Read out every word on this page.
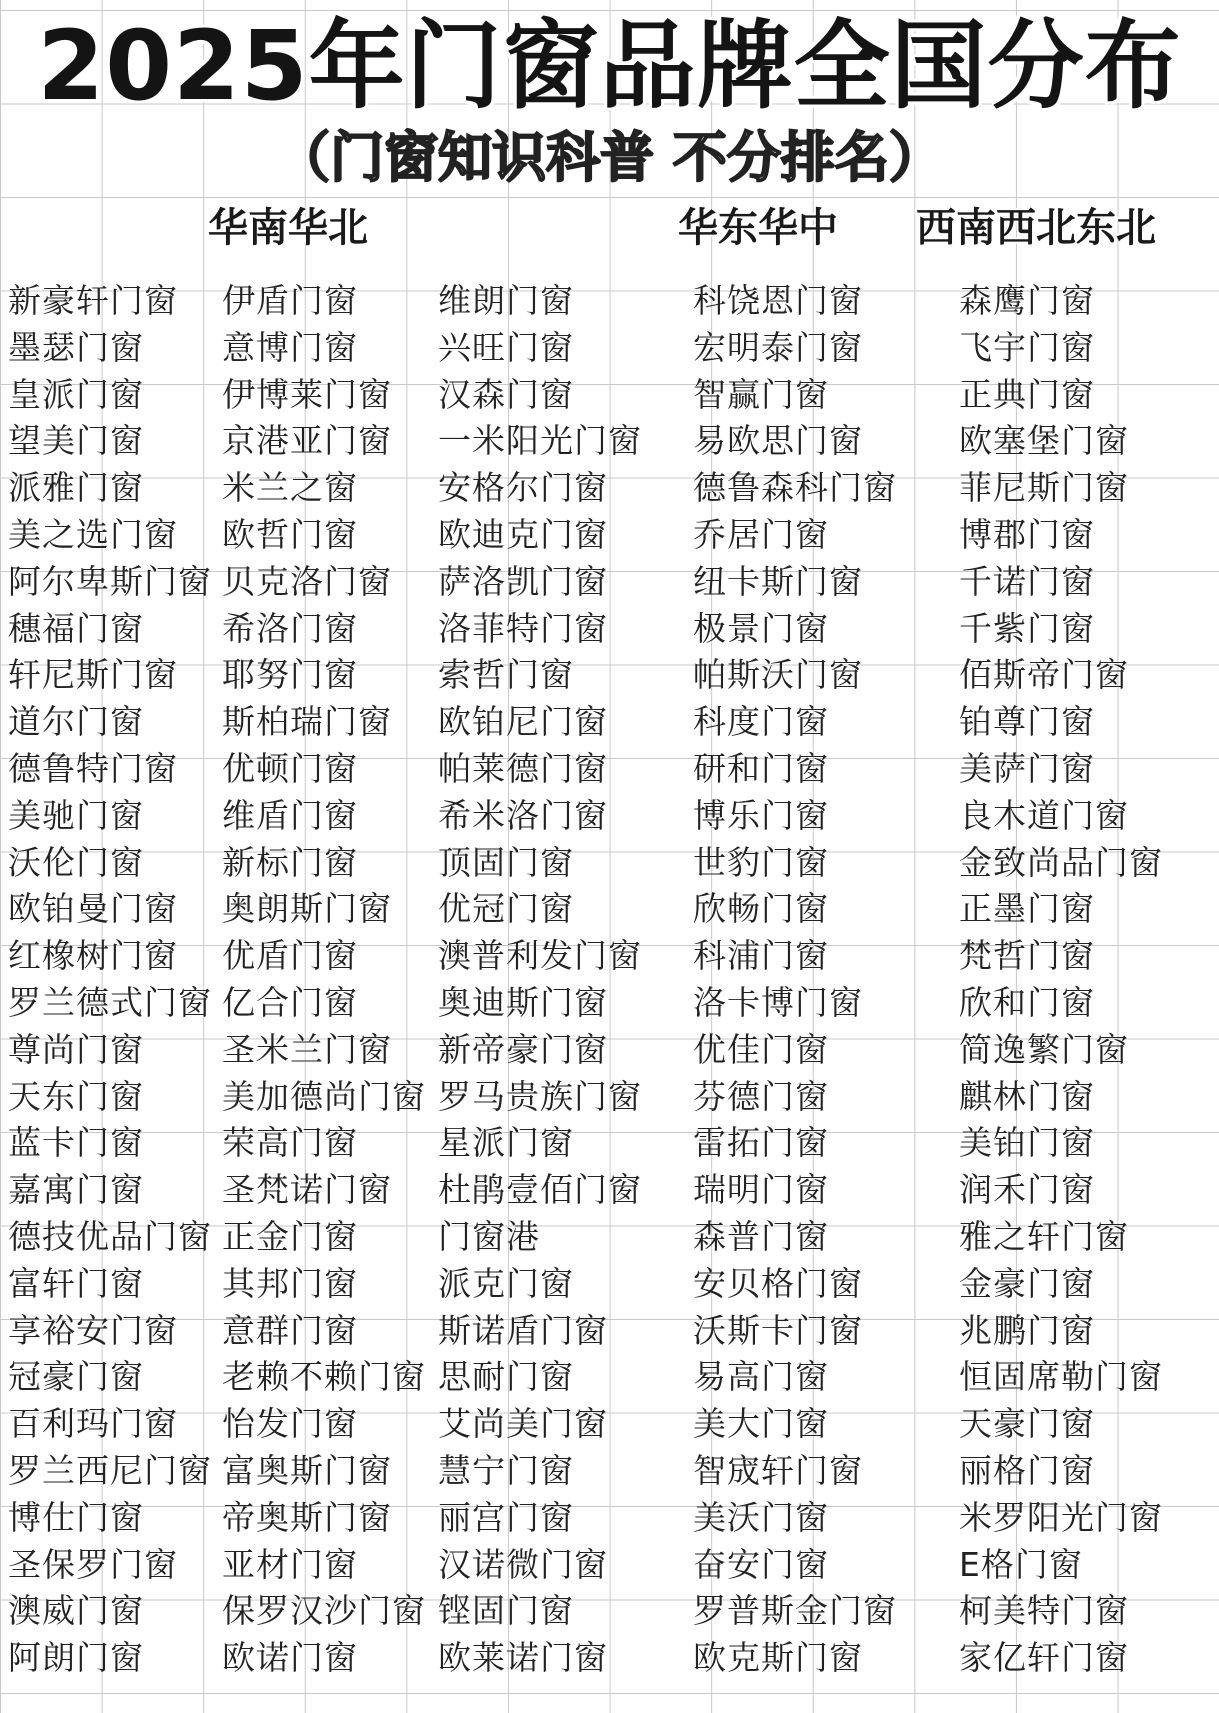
2025年门窗品牌全国分布
（门窗知识科普 不分排名）
华南华北	华东华中 西南西北东北
新豪轩门窗
墨瑟门窗
皇派门窗
望美门窗
派雅门窗
美之选门窗
阿尔卑斯门窗
穗福门窗
轩尼斯门窗
道尔门窗
德鲁特门窗
美驰门窗
沃伦门窗
欧铂曼门窗
红橡树门窗
罗兰德式门窗
尊尚门窗
天东门窗
蓝卡门窗
嘉寓门窗
德技优品门窗
富轩门窗
享裕安门窗
冠豪门窗
百利玛门窗
罗兰西尼门窗
博仕门窗
圣保罗门窗
澳威门窗
阿朗门窗
伊盾门窗
意博门窗
伊博莱门窗
京港亚门窗
米兰之窗
欧哲门窗
贝克洛门窗
希洛门窗
耶努门窗
斯柏瑞门窗
优顿门窗
维盾门窗
新标门窗
奥朗斯门窗
优盾门窗
亿合门窗
圣米兰门窗
美加德尚门窗
荣高门窗
圣梵诺门窗
正金门窗
其邦门窗
意群门窗
老赖不赖门窗
怡发门窗
富奥斯门窗
帝奥斯门窗
亚材门窗
保罗汉沙门窗
欧诺门窗
维朗门窗
兴旺门窗
汉森门窗
一米阳光门窗
安格尔门窗
欧迪克门窗
萨洛凯门窗
洛菲特门窗
索哲门窗
欧铂尼门窗
帕莱德门窗
希米洛门窗
顶固门窗
优冠门窗
澳普利发门窗
奥迪斯门窗
新帝豪门窗
罗马贵族门窗
星派门窗
杜鹃壹佰门窗
门窗港
派克门窗
斯诺盾门窗
思耐门窗
艾尚美门窗
慧宁门窗
丽宫门窗
汉诺微门窗
铿固门窗
欧莱诺门窗
科饶恩门窗
宏明泰门窗
智赢门窗
易欧思门窗
德鲁森科门窗
乔居门窗
纽卡斯门窗
极景门窗
帕斯沃门窗
科度门窗
研和门窗
博乐门窗
世豹门窗
欣畅门窗
科浦门窗
洛卡博门窗
优佳门窗
芬德门窗
雷拓门窗
瑞明门窗
森普门窗
安贝格门窗
沃斯卡门窗
易高门窗
美大门窗
智宬轩门窗
美沃门窗
奋安门窗
罗普斯金门窗
欧克斯门窗
森鹰门窗
飞宇门窗
正典门窗
欧塞堡门窗
菲尼斯门窗
博郡门窗
千诺门窗
千紫门窗
佰斯帝门窗
铂尊门窗
美萨门窗
良木道门窗
金致尚品门窗
正墨门窗
梵哲门窗
欣和门窗
简逸繁门窗
麒林门窗
美铂门窗
润禾门窗
雅之轩门窗
金豪门窗
兆鹏门窗
恒固席勒门窗
天豪门窗
丽格门窗
米罗阳光门窗
E格门窗
柯美特门窗
家亿轩门窗
